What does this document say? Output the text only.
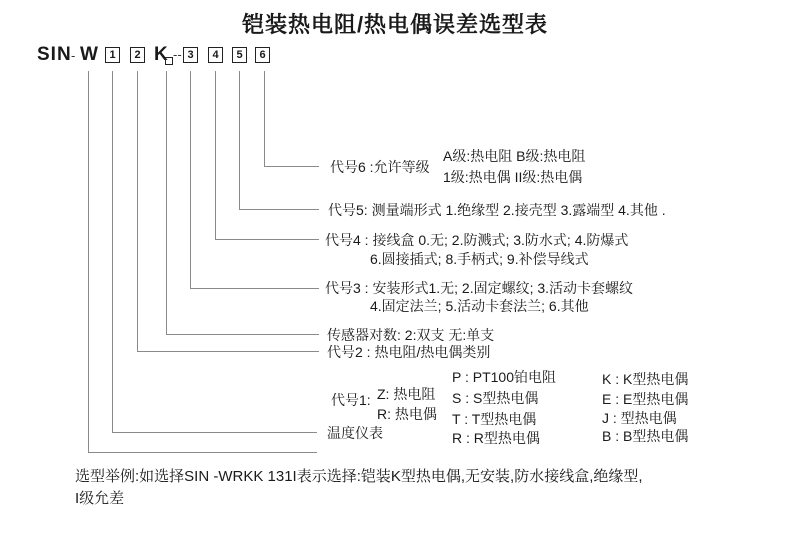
铠装热电阻/热电偶误差选型表
SIN - W 1	2 K -- 3	4	5	6
代号6 :允许等级
A级:热电阻 B级:热电阻
1级:热电偶 II级:热电偶
代号5: 测量端形式 1.绝缘型 2.接壳型 3.露端型 4.其他 .
代号4 : 接线盒 0.无; 2.防溅式; 3.防水式; 4.防爆式
6.圆接插式; 8.手柄式; 9.补偿导线式
代号3 : 安装形式1.无; 2.固定螺纹; 3.活动卡套螺纹
4.固定法兰; 5.活动卡套法兰; 6.其他
传感器对数: 2:双支 无:单支
代号2 : 热电阻/热电偶类别
代号1: Z: 热电阻
R: 热电偶
温度仪表
P : PT100铂电阻
S : S型热电偶
T : T型热电偶
R : R型热电偶
K : K型热电偶
E : E型热电偶
J : 型热电偶
B : B型热电偶
选型举例:如选择SIN -WRKK 131I表示选择:铠装K型热电偶,无安装,防水接线盒,绝缘型,
I级允差
